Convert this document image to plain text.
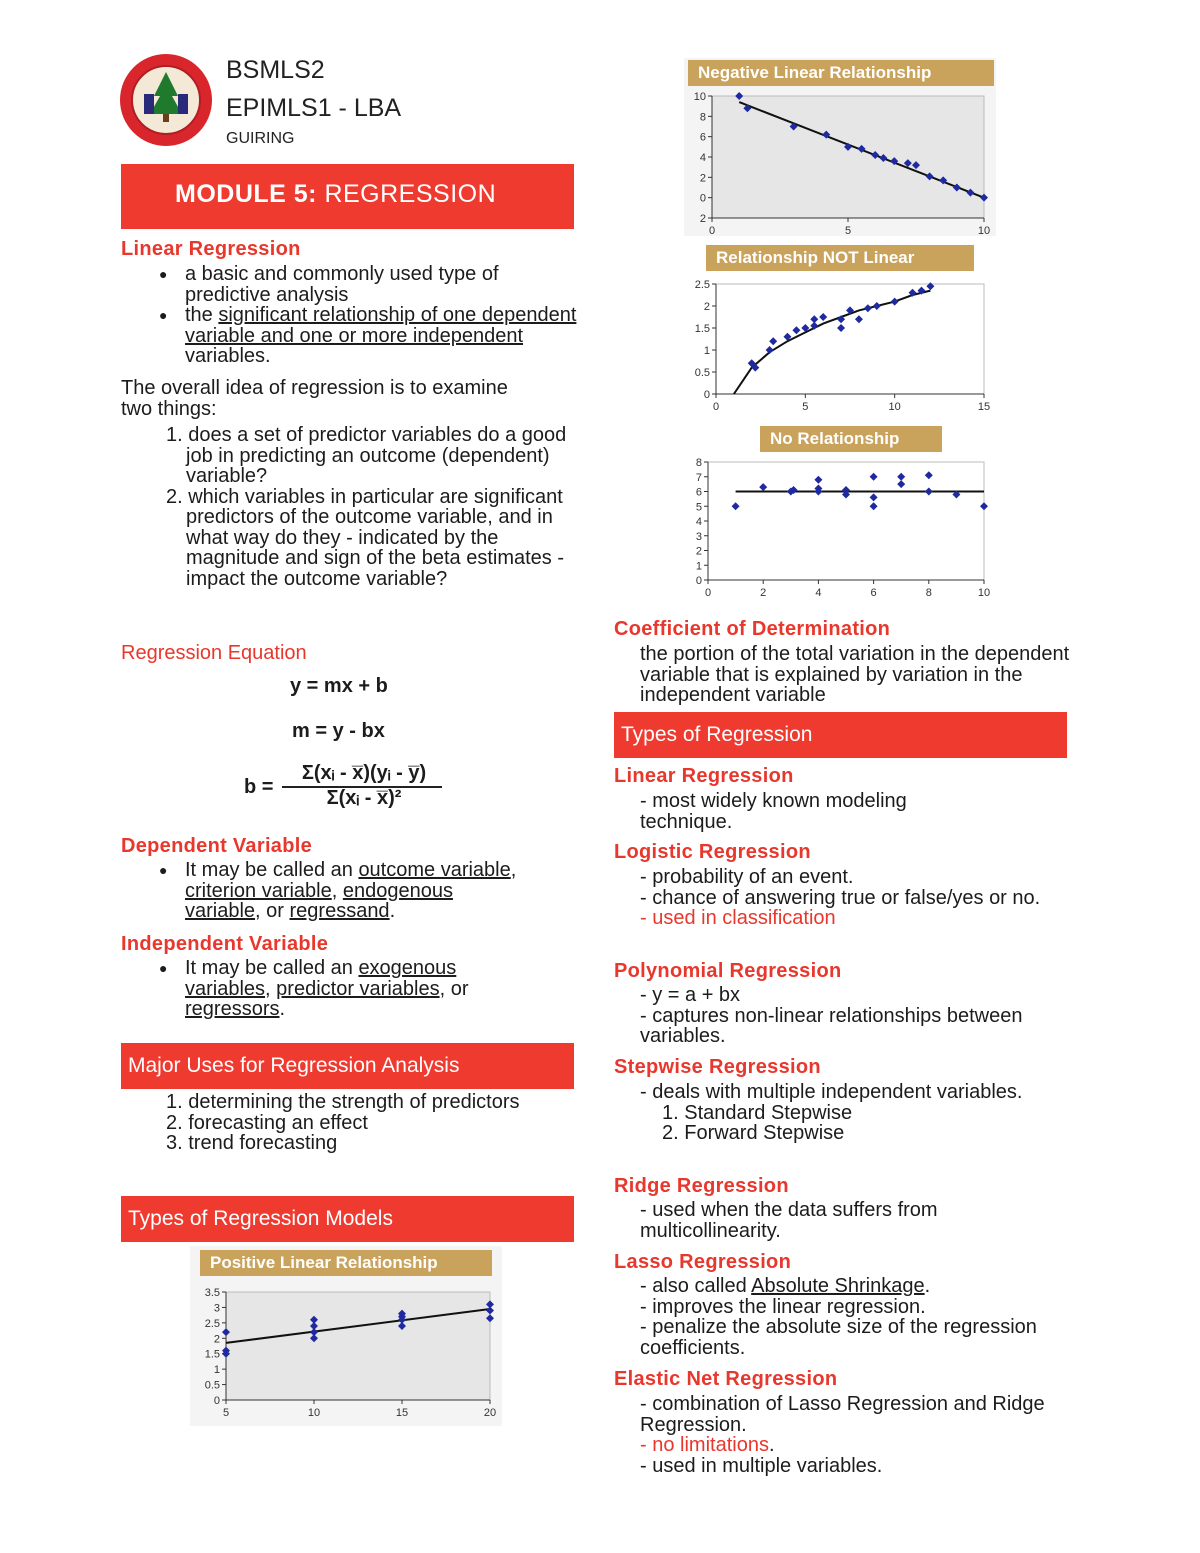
BSMLS2
EPIMLS1 - LBA
GUIRING
MODULE 5: REGRESSION
Linear Regression
● a basic and commonly used type of predictive analysis
● the significant relationship of one dependent variable and one or more independent variables.
The overall idea of regression is to examine two things:
1. does a set of predictor variables do a good job in predicting an outcome (dependent) variable?
2. which variables in particular are significant predictors of the outcome variable, and in what way do they - indicated by the magnitude and sign of the beta estimates - impact the outcome variable?
Regression Equation
y = mx + b
m = y - bx
b =
Σ(xᵢ - x̅)(yᵢ - y̅)
Σ(xᵢ - x̅)²
Dependent Variable
● It may be called an outcome variable, criterion variable, endogenous variable, or regressand.
Independent Variable
● It may be called an exogenous variables, predictor variables, or regressors.
Major Uses for Regression Analysis
1. determining the strength of predictors
2. forecasting an effect
3. trend forecasting
Types of Regression Models
Positive Linear Relationship
0
0.5
1
1.5
2
2.5
3
3.5
5	10	15	20
Negative Linear Relationship
2
0
2
4
6
8
10
0	5	10
Relationship NOT Linear
0
0.5
1
1.5
2
2.5
0	5	10	15
No Relationship
0
1
2
3
4
5
6
7
8
0	2	4	6	8	10
Coefficient of Determination
the portion of the total variation in the dependent variable that is explained by variation in the independent variable
Types of Regression
Linear Regression
- most widely known modeling technique.
Logistic Regression
- probability of an event.
- chance of answering true or false/yes or no.
- used in classification
Polynomial Regression
- y = a + bx
- captures non-linear relationships between variables.
Stepwise Regression
- deals with multiple independent variables.
1. Standard Stepwise
2. Forward Stepwise
Ridge Regression
- used when the data suffers from multicollinearity.
Lasso Regression
- also called Absolute Shrinkage.
- improves the linear regression.
- penalize the absolute size of the regression coefficients.
Elastic Net Regression
- combination of Lasso Regression and Ridge Regression.
- no limitations.
- used in multiple variables.
